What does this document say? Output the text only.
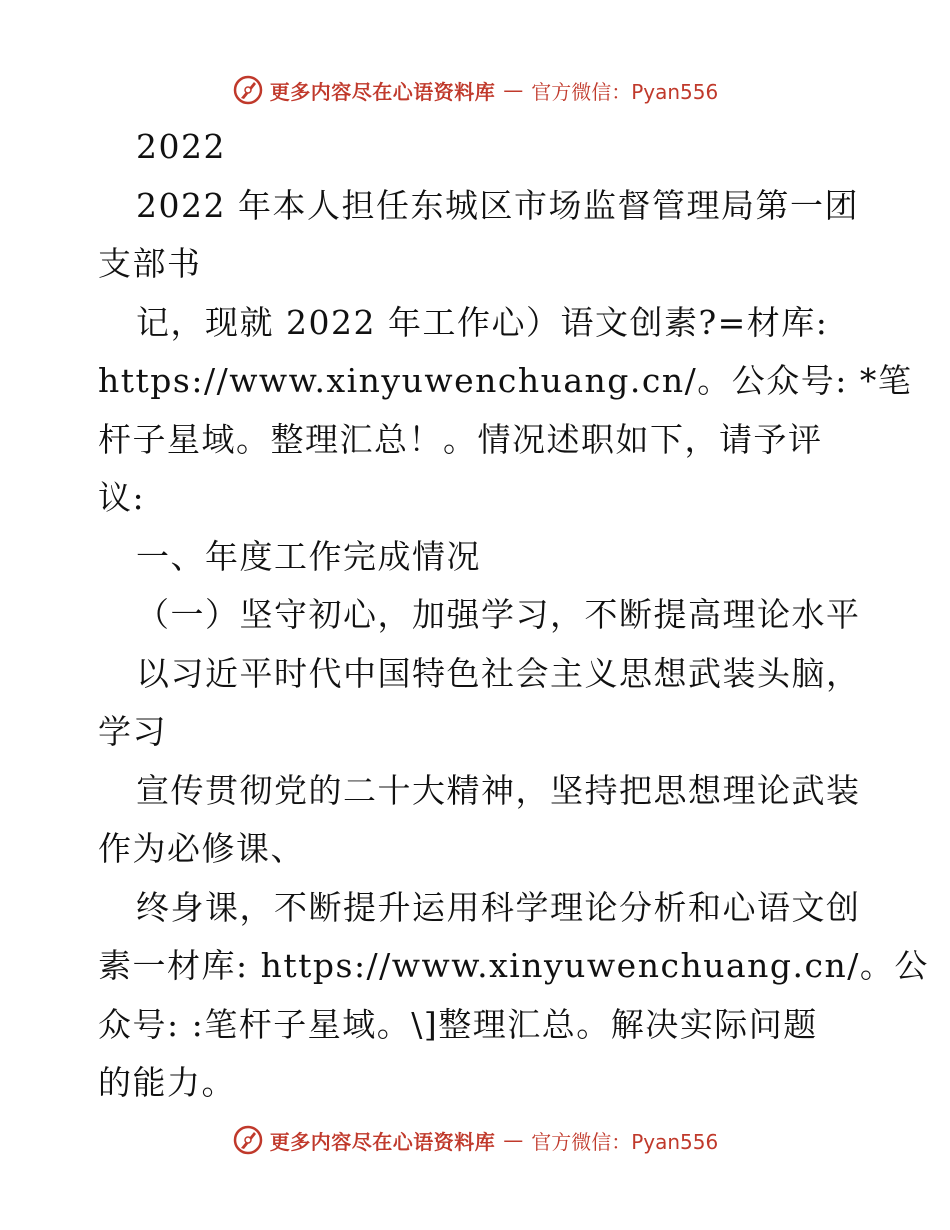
更多内容尽在心语资料库 — 官方微信：Pyan556
2022
2022 年本人担任东城区市场监督管理局第一团
支部书
记，现就 2022 年工作心）语文创素?=材库:
https://www.xinyuwenchuang.cn/。公众号: *笔
杆子星域。整理汇总！。情况述职如下，请予评
议:
一、年度工作完成情况
（一）坚守初心，加强学习，不断提高理论水平
以习近平时代中国特色社会主义思想武装头脑，
学习
宣传贯彻党的二十大精神，坚持把思想理论武装
作为必修课、
终身课，不断提升运用科学理论分析和心语文创
素一材库: https://www.xinyuwenchuang.cn/。公
众号: :笔杆子星域。\]整理汇总。解决实际问题
的能力。
更多内容尽在心语资料库 — 官方微信：Pyan556
